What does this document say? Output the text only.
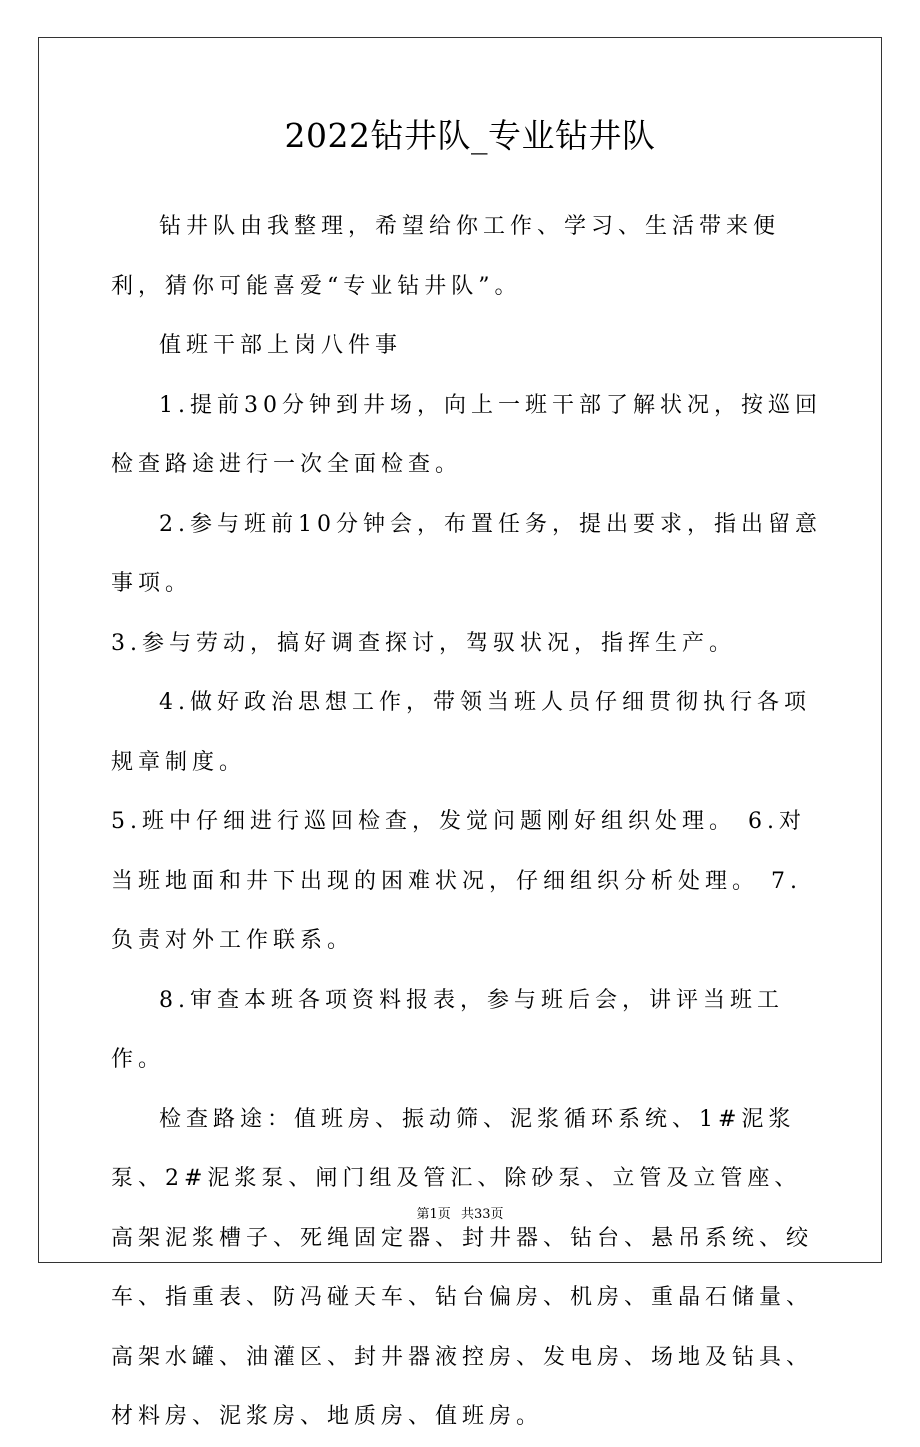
2022钻井队_专业钻井队

钻井队由我整理，希望给你工作、学习、生活带来便利，猜你可能喜爱“专业钻井队”。

值班干部上岗八件事

1.提前30分钟到井场，向上一班干部了解状况，按巡回检查路途进行一次全面检查。

2.参与班前10分钟会，布置任务，提出要求，指出留意事项。

3.参与劳动，搞好调查探讨，驾驭状况，指挥生产。

4.做好政治思想工作，带领当班人员仔细贯彻执行各项规章制度。

5.班中仔细进行巡回检查，发觉问题刚好组织处理。 6.对当班地面和井下出现的困难状况，仔细组织分析处理。 7.负责对外工作联系。

8.审查本班各项资料报表，参与班后会，讲评当班工作。

检查路途：值班房、振动筛、泥浆循环系统、1#泥浆泵、2#泥浆泵、闸门组及管汇、除砂泵、立管及立管座、高架泥浆槽子、死绳固定器、封井器、钻台、悬吊系统、绞车、指重表、防冯碰天车、钻台偏房、机房、重晶石储量、高架水罐、油灌区、封井器液控房、发电房、场地及钻具、材料房、泥浆房、地质房、值班房。

第1页 共33页
